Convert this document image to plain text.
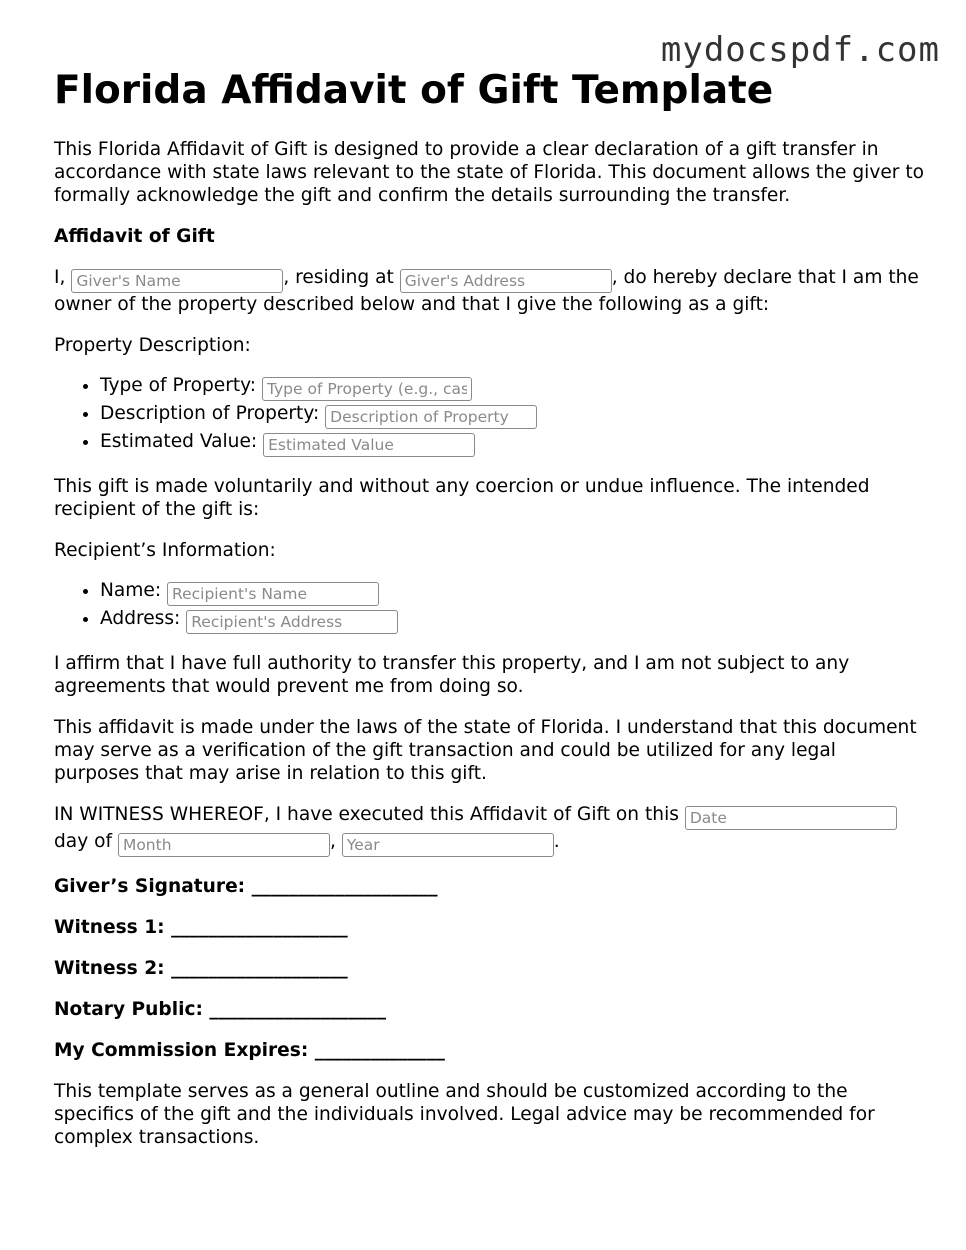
mydocspdf.com
Florida Affidavit of Gift Template

This Florida Affidavit of Gift is designed to provide a clear declaration of a gift transfer in accordance with state laws relevant to the state of Florida. This document allows the giver to formally acknowledge the gift and confirm the details surrounding the transfer.

Affidavit of Gift

I, Giver's Name	, residing at Giver's Address	, do hereby declare that I am the owner of the property described below and that I give the following as a gift:

Property Description:

• Type of Property: Type of Property (e.g., cash
• Description of Property: Description of Property
• Estimated Value: Estimated Value

This gift is made voluntarily and without any coercion or undue influence. The intended recipient of the gift is:

Recipient’s Information:

• Name: Recipient's Name
• Address: Recipient's Address

I affirm that I have full authority to transfer this property, and I am not subject to any agreements that would prevent me from doing so.

This affidavit is made under the laws of the state of Florida. I understand that this document may serve as a verification of the gift transaction and could be utilized for any legal purposes that may arise in relation to this gift.

IN WITNESS WHEREOF, I have executed this Affidavit of Gift on this Date
day of Month	, Year	.

Giver’s Signature: ____________________

Witness 1: ___________________

Witness 2: ___________________

Notary Public: ___________________

My Commission Expires: ______________

This template serves as a general outline and should be customized according to the specifics of the gift and the individuals involved. Legal advice may be recommended for complex transactions.
